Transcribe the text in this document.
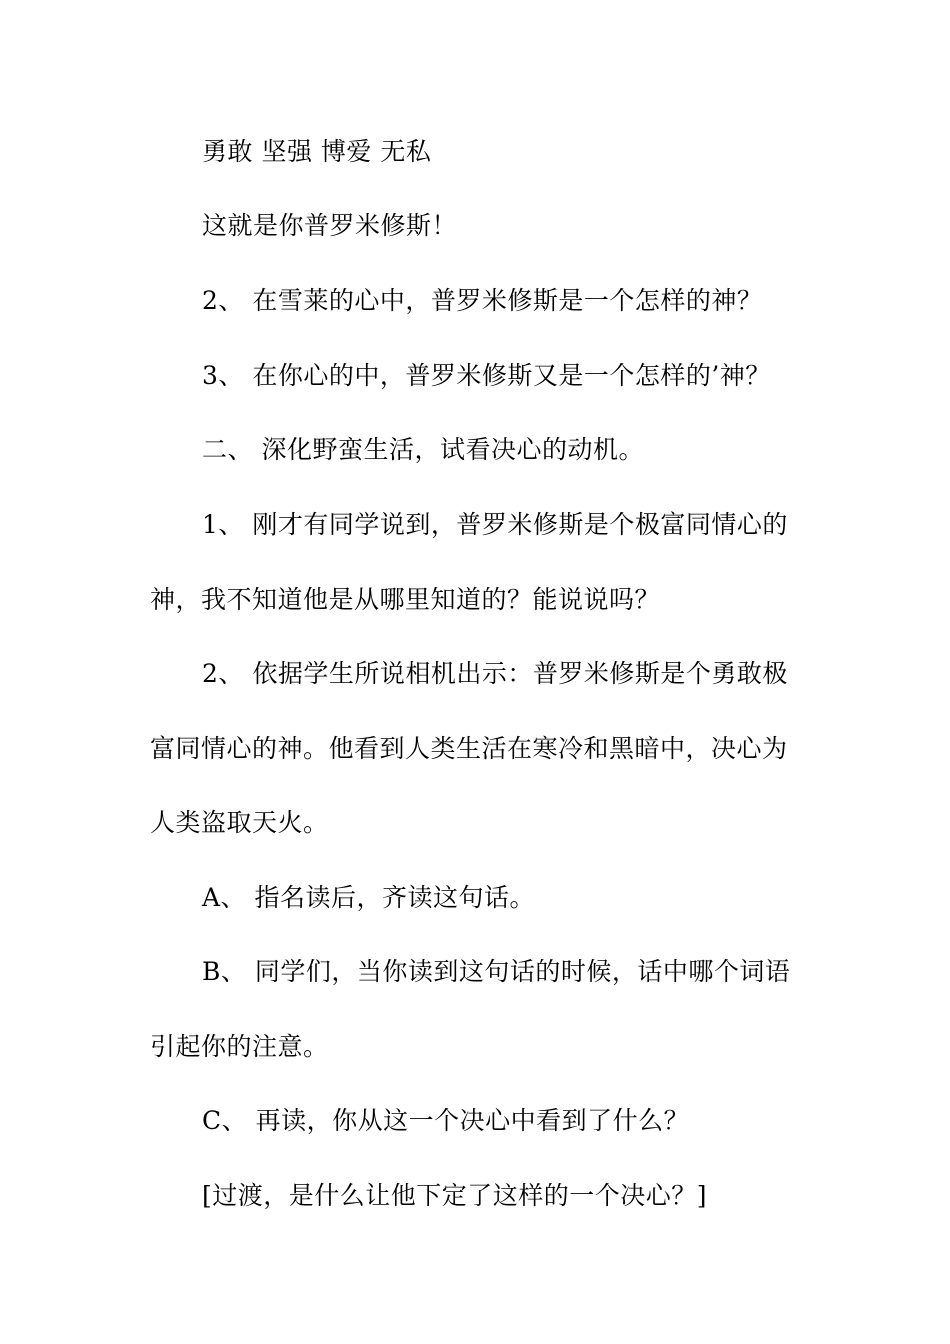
勇敢 坚强 博爱 无私
这就是你普罗米修斯！
2、 在雪莱的心中，普罗米修斯是一个怎样的神？
3、 在你心的中，普罗米修斯又是一个怎样的’神？
二、 深化野蛮生活，试看决心的动机。
1、 刚才有同学说到，普罗米修斯是个极富同情心的
神，我不知道他是从哪里知道的？能说说吗？
2、 依据学生所说相机出示：普罗米修斯是个勇敢极
富同情心的神。他看到人类生活在寒冷和黑暗中，决心为
人类盗取天火。
A、 指名读后，齐读这句话。
B、 同学们，当你读到这句话的时候，话中哪个词语
引起你的注意。
C、 再读，你从这一个决心中看到了什么？
[过渡，是什么让他下定了这样的一个决心？]
